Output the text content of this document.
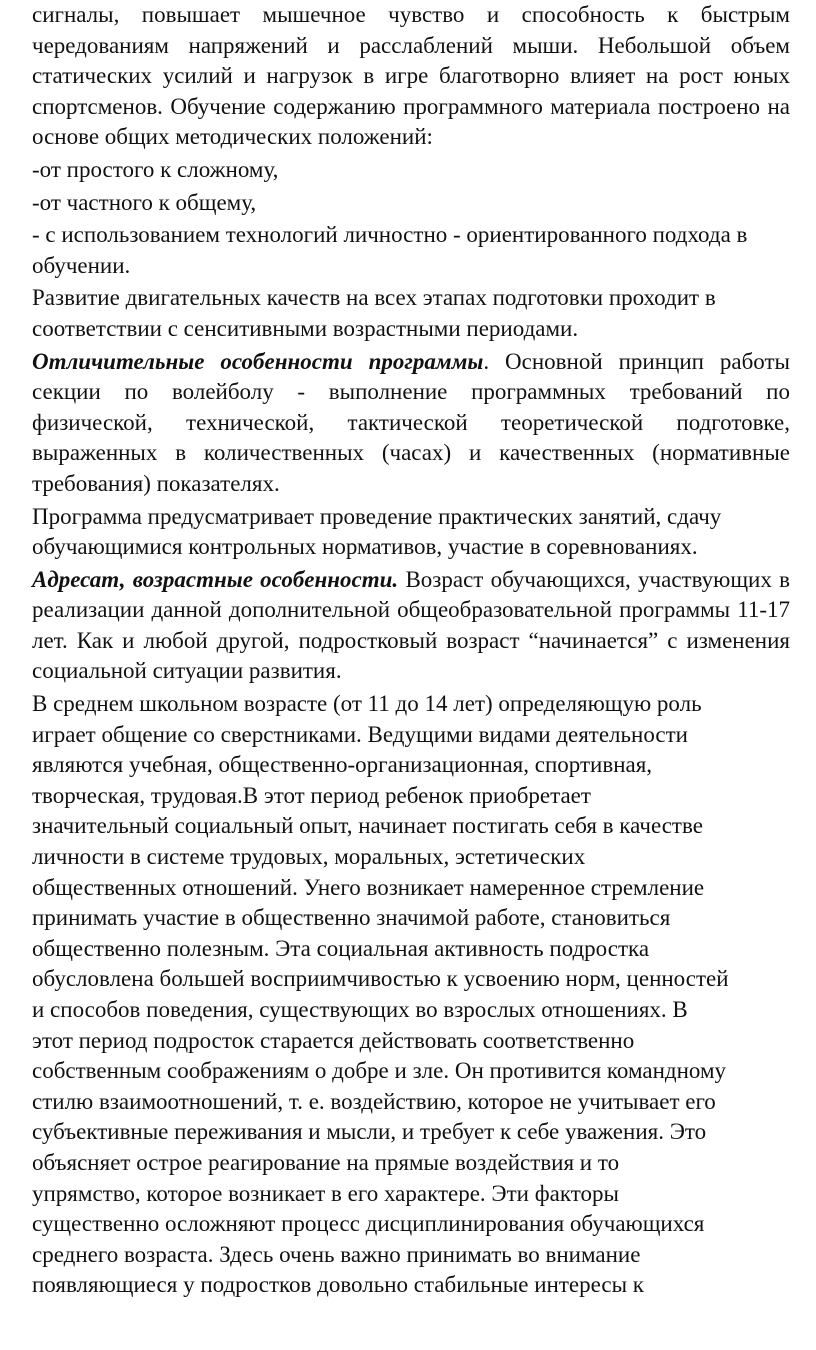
сигналы, повышает мышечное чувство и способность к быстрым чередованиям напряжений и расслаблений мыши. Небольшой объем статических усилий и нагрузок в игре благотворно влияет на рост юных спортсменов. Обучение содержанию программного материала построено на основе общих методических положений:

-от простого к сложному,

-от частного к общему,

- с использованием технологий личностно - ориентированного подхода в обучении.

Развитие двигательных качеств на всех этапах подготовки проходит в
соответствии с сенситивными возрастными периодами.

Отличительные особенности программы. Основной принцип работы секции по волейболу - выполнение программных требований по физической, технической, тактической теоретической подготовке, выраженных в количественных (часах) и качественных (нормативные требования) показателях.

Программа предусматривает проведение практических занятий, сдачу
обучающимися контрольных нормативов, участие в соревнованиях.

Адресат, возрастные особенности. Возраст обучающихся, участвующих в реализации данной дополнительной общеобразовательной программы 11-17 лет. Как и любой другой, подростковый возраст “начинается” с изменения социальной ситуации развития.

В среднем школьном возрасте (от 11 до 14 лет) определяющую роль
играет общение со сверстниками. Ведущими видами деятельности
являются учебная, общественно-организационная, спортивная,
творческая, трудовая.В этот период ребенок приобретает
значительный социальный опыт, начинает постигать себя в качестве
личности в системе трудовых, моральных, эстетических
общественных отношений. Унего возникает намеренное стремление
принимать участие в общественно значимой работе, становиться
общественно полезным. Эта социальная активность подростка
обусловлена большей восприимчивостью к усвоению норм, ценностей
и способов поведения, существующих во взрослых отношениях. В
этот период подросток старается действовать соответственно
собственным соображениям о добре и зле. Он противится командному
стилю взаимоотношений, т. е. воздействию, которое не учитывает его
субъективные переживания и мысли, и требует к себе уважения. Это
объясняет острое реагирование на прямые воздействия и то
упрямство, которое возникает в его характере. Эти факторы
существенно осложняют процесс дисциплинирования обучающихся
среднего возраста. Здесь очень важно принимать во внимание
появляющиеся у подростков довольно стабильные интересы к
